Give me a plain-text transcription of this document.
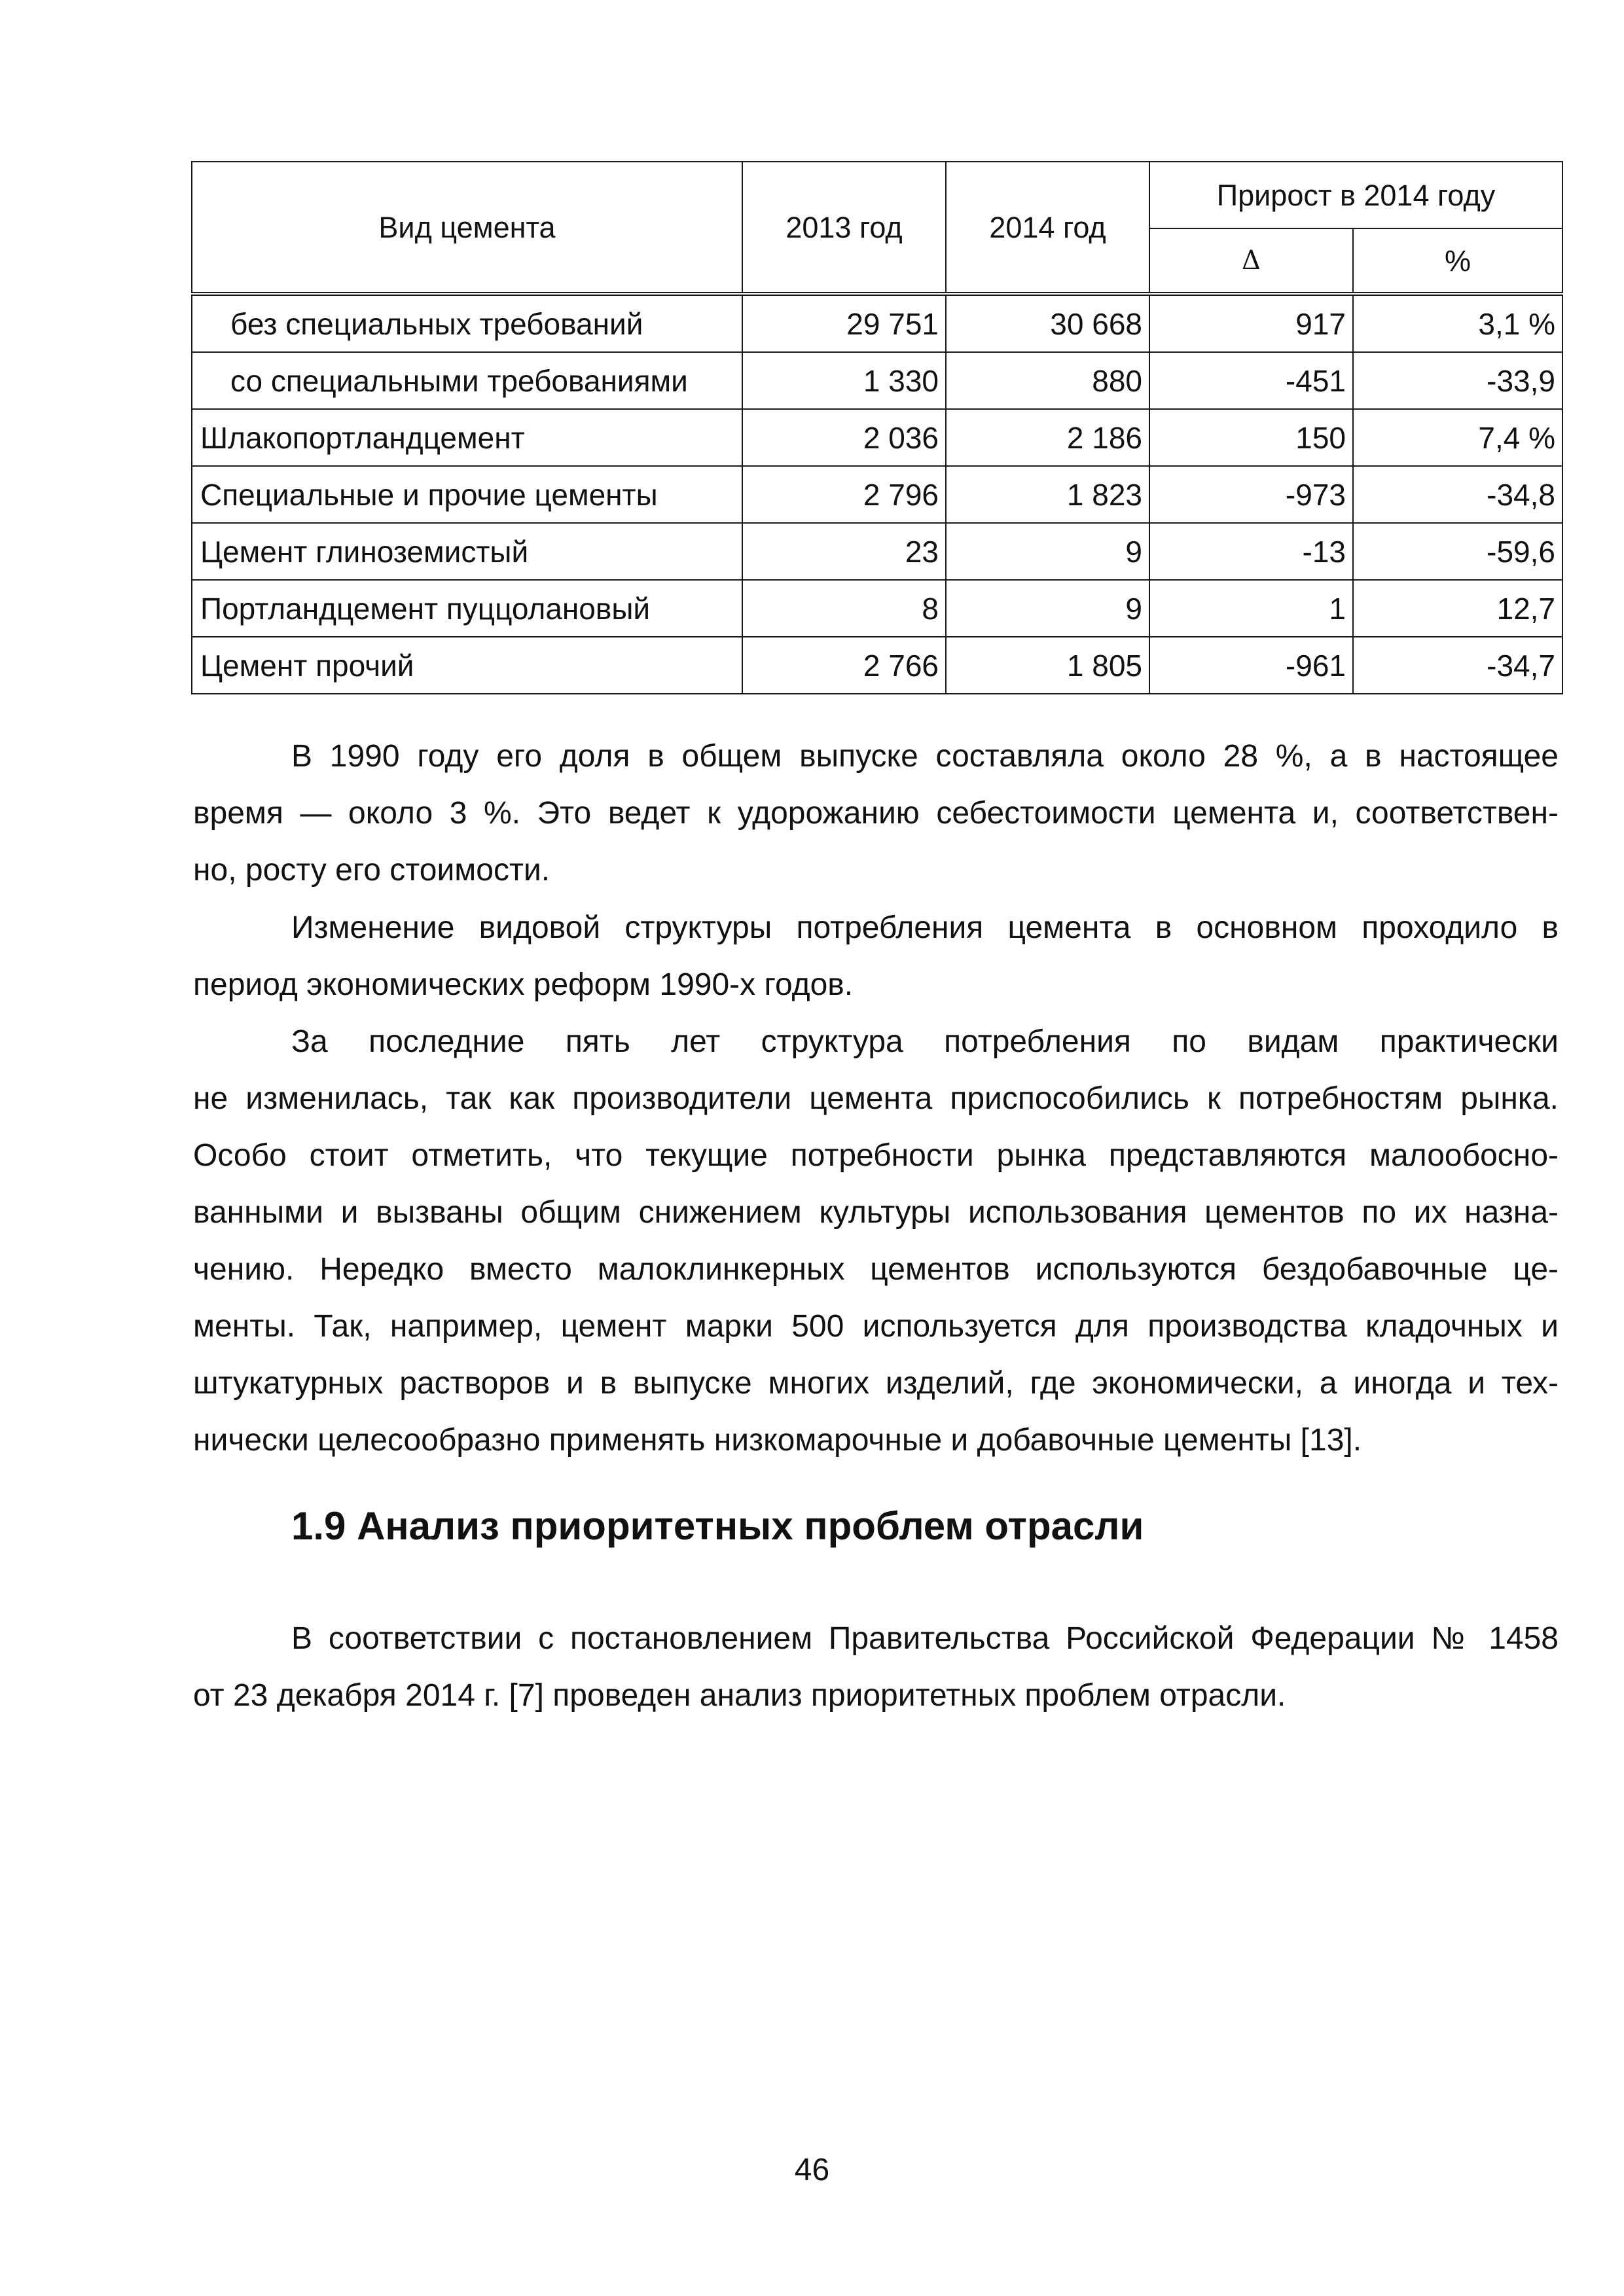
Вид цемента	2013 год	2014 год	Прирост в 2014 году	
			Δ	%
без специальных требований	29 751	30 668	917	3,1 %
со специальными требованиями	1 330	880	-451	-33,9
Шлакопортландцемент	2 036	2 186	150	7,4 %
Специальные и прочие цементы	2 796	1 823	-973	-34,8
Цемент глиноземистый	23	9	-13	-59,6
Портландцемент пуццолановый	8	9	1	12,7
Цемент прочий	2 766	1 805	-961	-34,7

В 1990 году его доля в общем выпуске составляла около 28 %, а в настоящее
время — около 3 %. Это ведет к удорожанию себестоимости цемента и, соответствен-
но, росту его стоимости.

Изменение видовой структуры потребления цемента в основном проходило в
период экономических реформ 1990-х годов.

За последние пять лет структура потребления по видам практически
не изменилась, так как производители цемента приспособились к потребностям рынка.
Особо стоит отметить, что текущие потребности рынка представляются малообосно-
ванными и вызваны общим снижением культуры использования цементов по их назна-
чению. Нередко вместо малоклинкерных цементов используются бездобавочные це-
менты. Так, например, цемент марки 500 используется для производства кладочных и
штукатурных растворов и в выпуске многих изделий, где экономически, а иногда и тех-
нически целесообразно применять низкомарочные и добавочные цементы [13].

1.9 Анализ приоритетных проблем отрасли

В соответствии с постановлением Правительства Российской Федерации № 1458
от 23 декабря 2014 г. [7] проведен анализ приоритетных проблем отрасли.

46
